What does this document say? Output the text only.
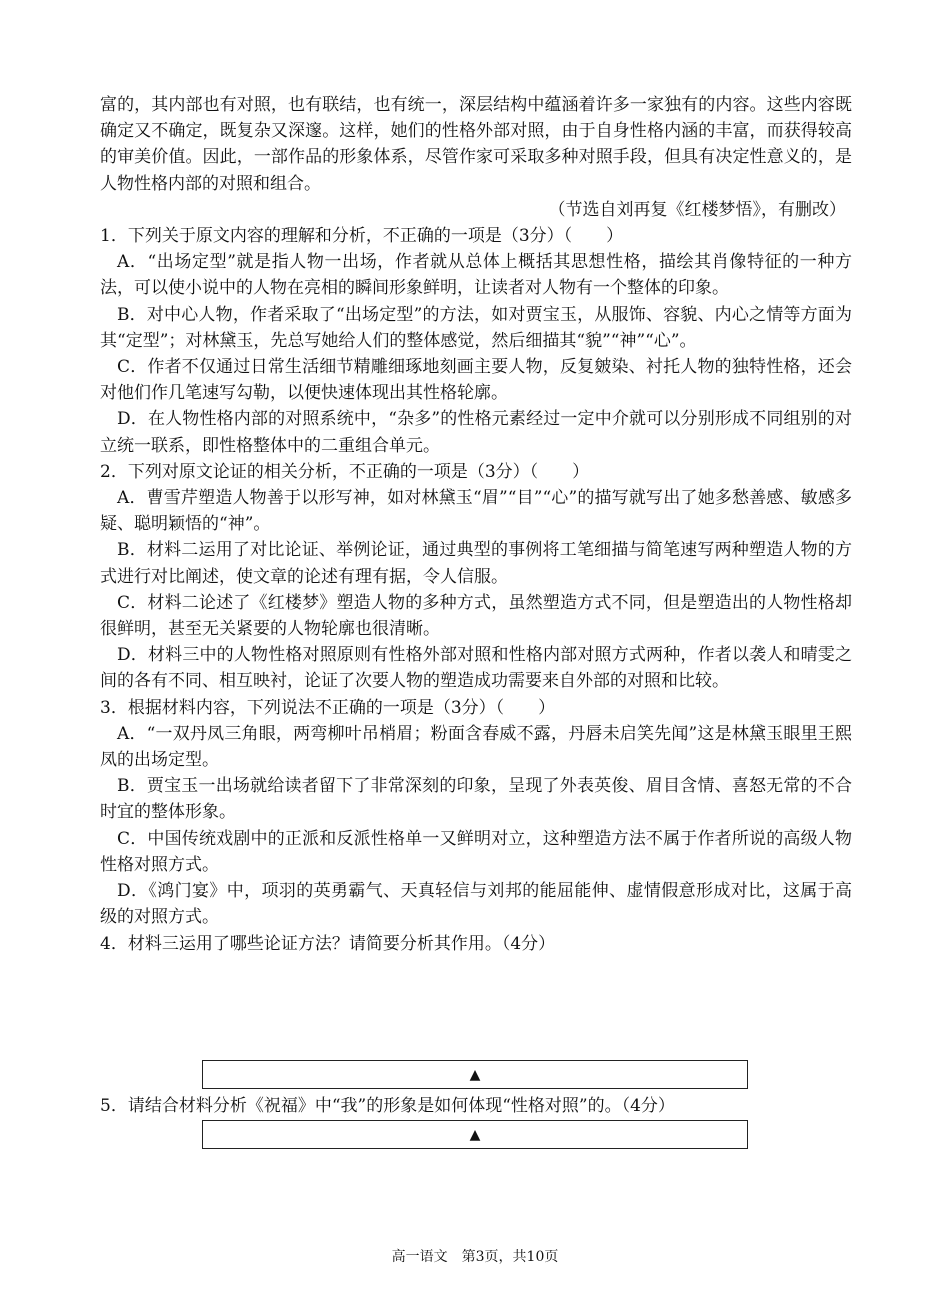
富的，其内部也有对照，也有联结，也有统一，深层结构中蕴涵着许多一家独有的内容。这些内容既确定又不确定，既复杂又深邃。这样，她们的性格外部对照，由于自身性格内涵的丰富，而获得较高的审美价值。因此，一部作品的形象体系，尽管作家可采取多种对照手段，但具有决定性意义的，是人物性格内部的对照和组合。

（节选自刘再复《红楼梦悟》，有删改）

1．下列关于原文内容的理解和分析，不正确的一项是（3分）（　　）

A．“出场定型”就是指人物一出场，作者就从总体上概括其思想性格，描绘其肖像特征的一种方法，可以使小说中的人物在亮相的瞬间形象鲜明，让读者对人物有一个整体的印象。

B．对中心人物，作者采取了“出场定型”的方法，如对贾宝玉，从服饰、容貌、内心之情等方面为其“定型”；对林黛玉，先总写她给人们的整体感觉，然后细描其“貌”“神”“心”。

C．作者不仅通过日常生活细节精雕细琢地刻画主要人物，反复皴染、衬托人物的独特性格，还会对他们作几笔速写勾勒，以便快速体现出其性格轮廓。

D．在人物性格内部的对照系统中，“杂多”的性格元素经过一定中介就可以分别形成不同组别的对立统一联系，即性格整体中的二重组合单元。

2．下列对原文论证的相关分析，不正确的一项是（3分）（　　）

A．曹雪芹塑造人物善于以形写神，如对林黛玉“眉”“目”“心”的描写就写出了她多愁善感、敏感多疑、聪明颖悟的“神”。

B．材料二运用了对比论证、举例论证，通过典型的事例将工笔细描与简笔速写两种塑造人物的方式进行对比阐述，使文章的论述有理有据，令人信服。

C．材料二论述了《红楼梦》塑造人物的多种方式，虽然塑造方式不同，但是塑造出的人物性格却很鲜明，甚至无关紧要的人物轮廓也很清晰。

D．材料三中的人物性格对照原则有性格外部对照和性格内部对照方式两种，作者以袭人和晴雯之间的各有不同、相互映衬，论证了次要人物的塑造成功需要来自外部的对照和比较。

3．根据材料内容，下列说法不正确的一项是（3分）（　　）

A．“一双丹凤三角眼，两弯柳叶吊梢眉；粉面含春威不露，丹唇未启笑先闻”这是林黛玉眼里王熙凤的出场定型。

B．贾宝玉一出场就给读者留下了非常深刻的印象，呈现了外表英俊、眉目含情、喜怒无常的不合时宜的整体形象。

C．中国传统戏剧中的正派和反派性格单一又鲜明对立，这种塑造方法不属于作者所说的高级人物性格对照方式。

D．《鸿门宴》中，项羽的英勇霸气、天真轻信与刘邦的能屈能伸、虚情假意形成对比，这属于高级的对照方式。

4．材料三运用了哪些论证方法？请简要分析其作用。（4分）

▲

5．请结合材料分析《祝福》中“我”的形象是如何体现“性格对照”的。（4分）

▲
高一语文　第3页，共10页
